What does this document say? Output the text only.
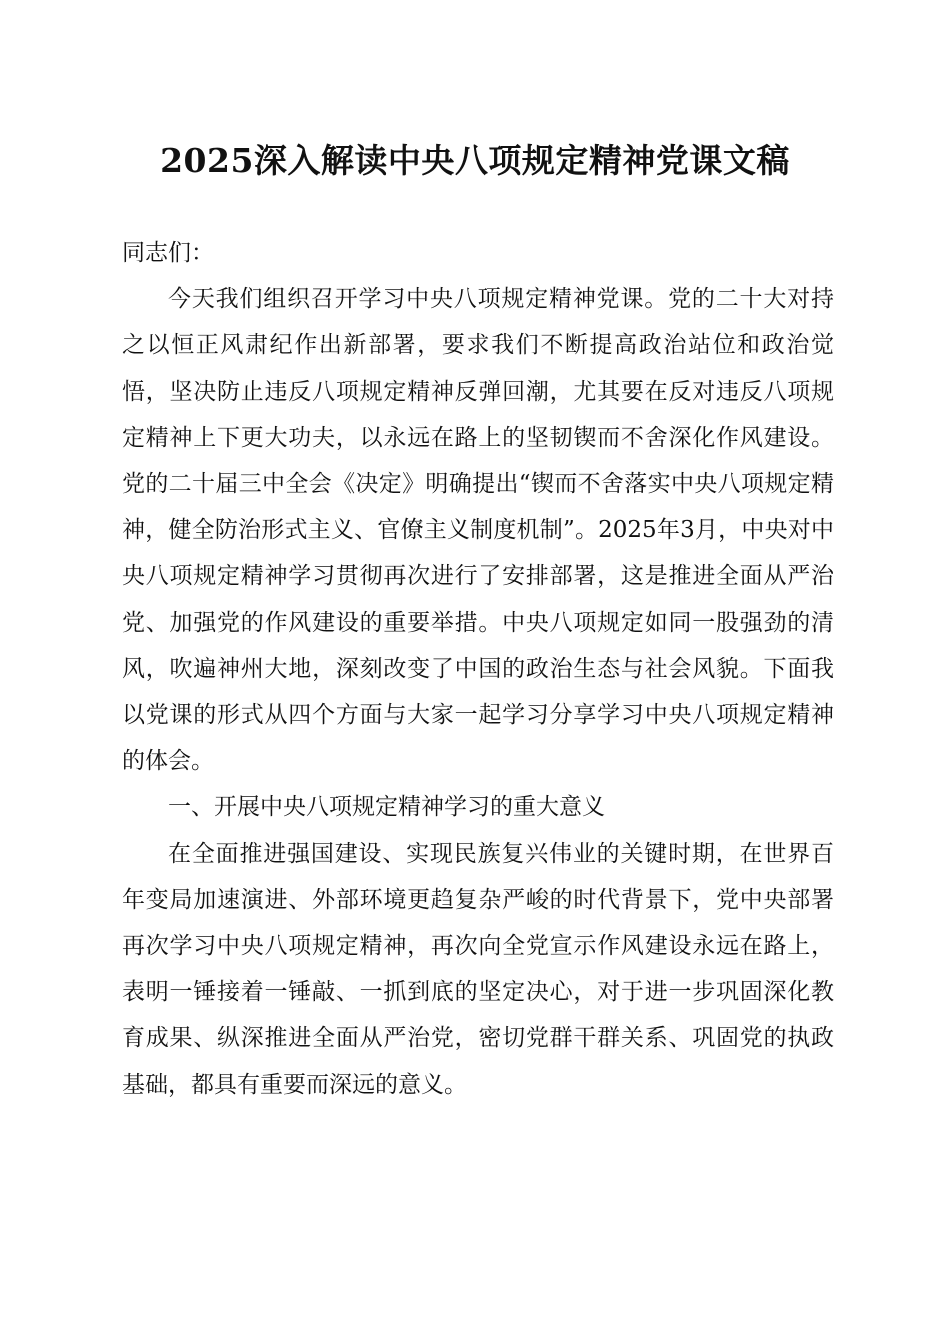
2025深入解读中央八项规定精神党课文稿

同志们：

今天我们组织召开学习中央八项规定精神党课。党的二十大对持之以恒正风肃纪作出新部署，要求我们不断提高政治站位和政治觉悟，坚决防止违反八项规定精神反弹回潮，尤其要在反对违反八项规定精神上下更大功夫，以永远在路上的坚韧锲而不舍深化作风建设。党的二十届三中全会《决定》明确提出“锲而不舍落实中央八项规定精神，健全防治形式主义、官僚主义制度机制”。2025年3月，中央对中央八项规定精神学习贯彻再次进行了安排部署，这是推进全面从严治党、加强党的作风建设的重要举措。中央八项规定如同一股强劲的清风，吹遍神州大地，深刻改变了中国的政治生态与社会风貌。下面我以党课的形式从四个方面与大家一起学习分享学习中央八项规定精神的体会。

一、开展中央八项规定精神学习的重大意义

在全面推进强国建设、实现民族复兴伟业的关键时期，在世界百年变局加速演进、外部环境更趋复杂严峻的时代背景下，党中央部署再次学习中央八项规定精神，再次向全党宣示作风建设永远在路上，表明一锤接着一锤敲、一抓到底的坚定决心，对于进一步巩固深化教育成果、纵深推进全面从严治党，密切党群干群关系、巩固党的执政基础，都具有重要而深远的意义。
